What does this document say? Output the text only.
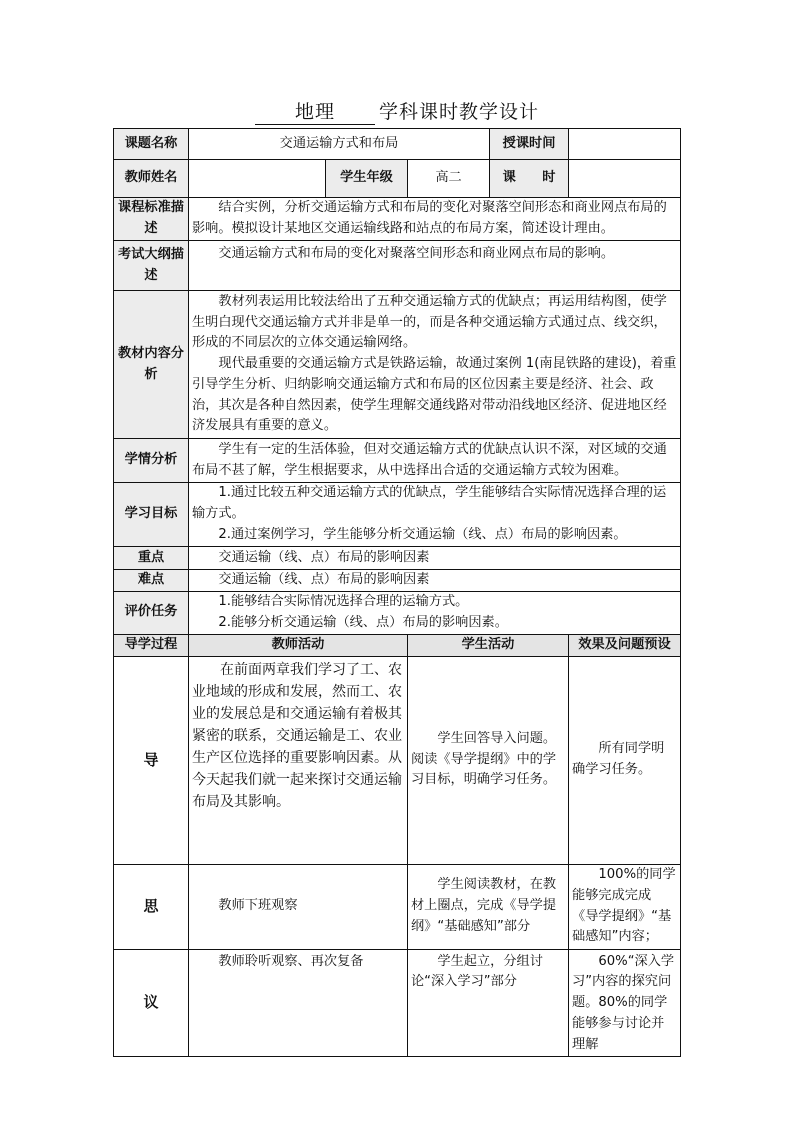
地理 学科课时教学设计
课题名称	交通运输方式和布局			授课时间	
教师姓名		学生年级	高二	课　　时	
课程标准描述	结合实例，分析交通运输方式和布局的变化对聚落空间形态和商业网点布局的影响。模拟设计某地区交通运输线路和站点的布局方案，简述设计理由。				

考试大纲描述	交通运输方式和布局的变化对聚落空间形态和商业网点布局的影响。				

教材内容分析	教材列表运用比较法给出了五种交通运输方式的优缺点；再运用结构图，使学生明白现代交通运输方式并非是单一的，而是各种交通运输方式通过点、线交织，形成的不同层次的立体交通运输网络。

现代最重要的交通运输方式是铁路运输，故通过案例 1(南昆铁路的建设)，着重引导学生分析、归纳影响交通运输方式和布局的区位因素主要是经济、社会、政治，其次是各种自然因素，使学生理解交通线路对带动沿线地区经济、促进地区经济发展具有重要的意义。				

学情分析	学生有一定的生活体验，但对交通运输方式的优缺点认识不深，对区域的交通布局不甚了解，学生根据要求，从中选择出合适的交通运输方式较为困难。				

学习目标	1.通过比较五种交通运输方式的优缺点，学生能够结合实际情况选择合理的运输方式。

2.通过案例学习，学生能够分析交通运输（线、点）布局的影响因素。				

重点	交通运输（线、点）布局的影响因素				

难点	交通运输（线、点）布局的影响因素				

评价任务	1.能够结合实际情况选择合理的运输方式。

2.能够分析交通运输（线、点）布局的影响因素。				

导学过程	教师活动		学生活动		效果及问题预设
导	在前面两章我们学习了工、农业地域的形成和发展，然而工、农业的发展总是和交通运输有着极其紧密的联系，交通运输是工、农业生产区位选择的重要影响因素。从今天起我们就一起来探讨交通运输布局及其影响。		学生回答导入问题。阅读《导学提纲》中的学习目标，明确学习任务。		所有同学明确学习任务。

思	教师下班观察		学生阅读教材，在教材上圈点，完成《导学提纲》“基础感知”部分		100%的同学能够完成完成《导学提纲》“基础感知”内容；

议	教师聆听观察、再次复备		学生起立，分组讨论“深入学习”部分		60%“深入学习”内容的探究问题。80%的同学能够参与讨论并理解
